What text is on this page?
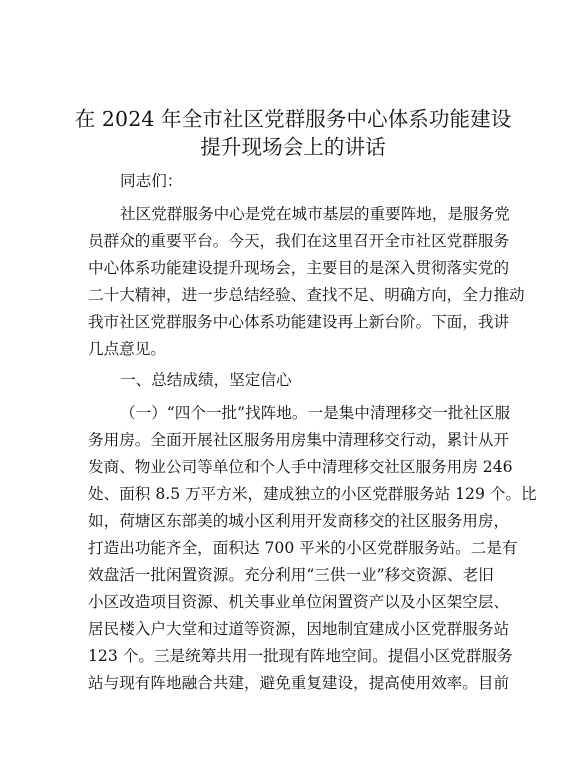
在 2024 年全市社区党群服务中心体系功能建设
提升现场会上的讲话

同志们：

社区党群服务中心是党在城市基层的重要阵地，是服务党

员群众的重要平台。今天，我们在这里召开全市社区党群服务

中心体系功能建设提升现场会，主要目的是深入贯彻落实党的

二十大精神，进一步总结经验、查找不足、明确方向，全力推动

我市社区党群服务中心体系功能建设再上新台阶。下面，我讲

几点意见。

一、总结成绩，坚定信心

（一）“四个一批”找阵地。一是集中清理移交一批社区服

务用房。全面开展社区服务用房集中清理移交行动，累计从开

发商、物业公司等单位和个人手中清理移交社区服务用房 246

处、面积 8.5 万平方米，建成独立的小区党群服务站 129 个。比

如，荷塘区东部美的城小区利用开发商移交的社区服务用房，

打造出功能齐全，面积达 700 平米的小区党群服务站。二是有

效盘活一批闲置资源。充分利用“三供一业”移交资源、老旧

小区改造项目资源、机关事业单位闲置资产以及小区架空层、

居民楼入户大堂和过道等资源，因地制宜建成小区党群服务站

123 个。三是统筹共用一批现有阵地空间。提倡小区党群服务

站与现有阵地融合共建，避免重复建设，提高使用效率。目前
